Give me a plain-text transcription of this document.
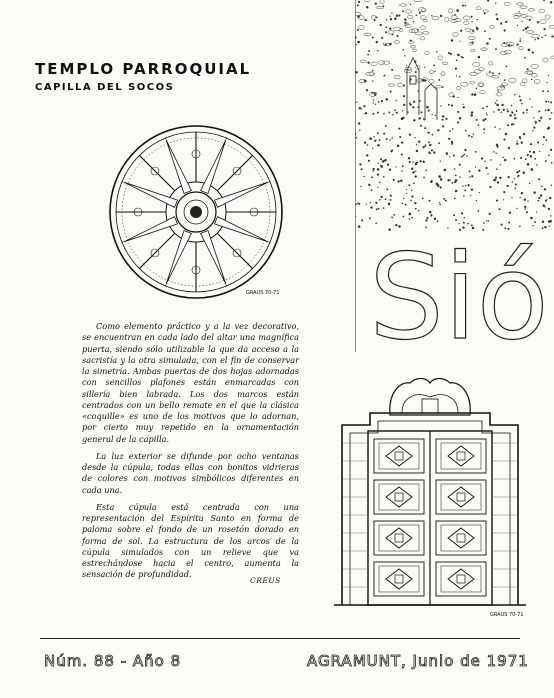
TEMPLO PARROQUIAL
CAPILLA DEL SOCOS
GRAUS 70-71

Como elemento práctico y a la vez decorativo, se encuentran en cada lado del altar una magnífica puerta, siendo sólo utilizable la que da acceso a la sacristía y la otra simulada, con el fin de conservar la simetría. Ambas puertas de dos hojas adornadas con sencillos plafones están enmarcadas con sillería bien labrada. Los dos marcos están centrados con un bello remate en el que la clásica «coquille» es uno de los motivos que lo adornan, por cierto muy repetido en la ornamentación general de la capilla.

La luz exterior se difunde por ocho ventanas desde la cúpula, todas ellas con bonitos vidrieras de colores con motivos simbólicos diferentes en cada una.

Esta cúpula está centrada con una representación del Espíritu Santo en forma de paloma sobre el fondo de un rosetón dorado en forma de sol. La estructura de los arcos de la cúpula simulados con un relieve que va estrechándose hacia el centro, aumenta la sensación de profundidad.

CREUS
Sió
GRAUS 70-71
Núm. 88 - Año 8	AGRAMUNT, Junio de 1971
